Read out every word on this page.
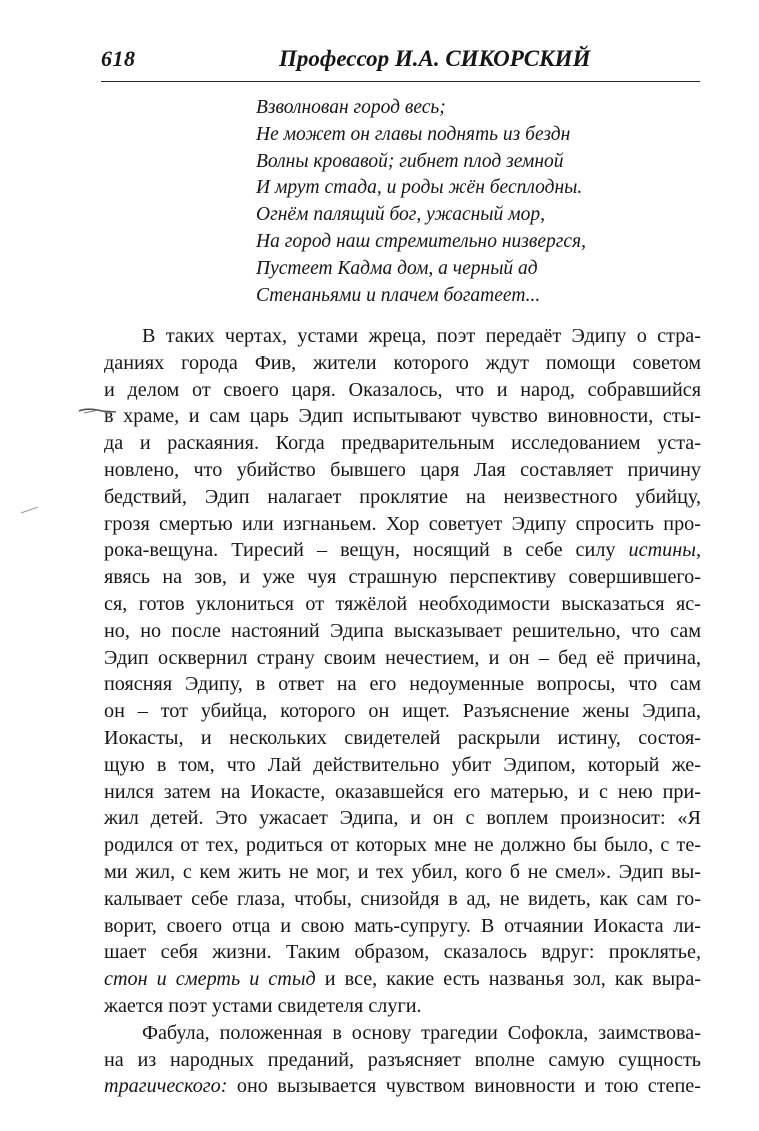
618	Профессор И.А. СИКОРСКИЙ
Взволнован город весь;
Не может он главы поднять из бездн
Волны кровавой; гибнет плод земной
И мрут стада, и роды жён бесплодны.
Огнём палящий бог, ужасный мор,
На город наш стремительно низвергся,
Пустеет Кадма дом, а черный ад
Стенаньями и плачем богатеет...
В таких чертах, устами жреца, поэт передаёт Эдипу о стра-
даниях города Фив, жители которого ждут помощи советом
и делом от своего царя. Оказалось, что и народ, собравшийся
в храме, и сам царь Эдип испытывают чувство виновности, сты-
да и раскаяния. Когда предварительным исследованием уста-
новлено, что убийство бывшего царя Лая составляет причину
бедствий, Эдип налагает проклятие на неизвестного убийцу,
грозя смертью или изгнаньем. Хор советует Эдипу спросить про-
рока-вещуна. Тиресий – вещун, носящий в себе силу истины,
явясь на зов, и уже чуя страшную перспективу совершившего-
ся, готов уклониться от тяжёлой необходимости высказаться яс-
но, но после настояний Эдипа высказывает решительно, что сам
Эдип осквернил страну своим нечестием, и он – бед её причина,
поясняя Эдипу, в ответ на его недоуменные вопросы, что сам
он – тот убийца, которого он ищет. Разъяснение жены Эдипа,
Иокасты, и нескольких свидетелей раскрыли истину, состоя-
щую в том, что Лай действительно убит Эдипом, который же-
нился затем на Иокасте, оказавшейся его матерью, и с нею при-
жил детей. Это ужасает Эдипа, и он с воплем произносит: «Я
родился от тех, родиться от которых мне не должно бы было, с те-
ми жил, с кем жить не мог, и тех убил, кого б не смел». Эдип вы-
калывает себе глаза, чтобы, снизойдя в ад, не видеть, как сам го-
ворит, своего отца и свою мать-супругу. В отчаянии Иокаста ли-
шает себя жизни. Таким образом, сказалось вдруг: проклятье,
стон и смерть и стыд и все, какие есть названья зол, как выра-
жается поэт устами свидетеля слуги.
Фабула, положенная в основу трагедии Софокла, заимствова-
на из народных преданий, разъясняет вполне самую сущность
трагического: оно вызывается чувством виновности и тою степе-
